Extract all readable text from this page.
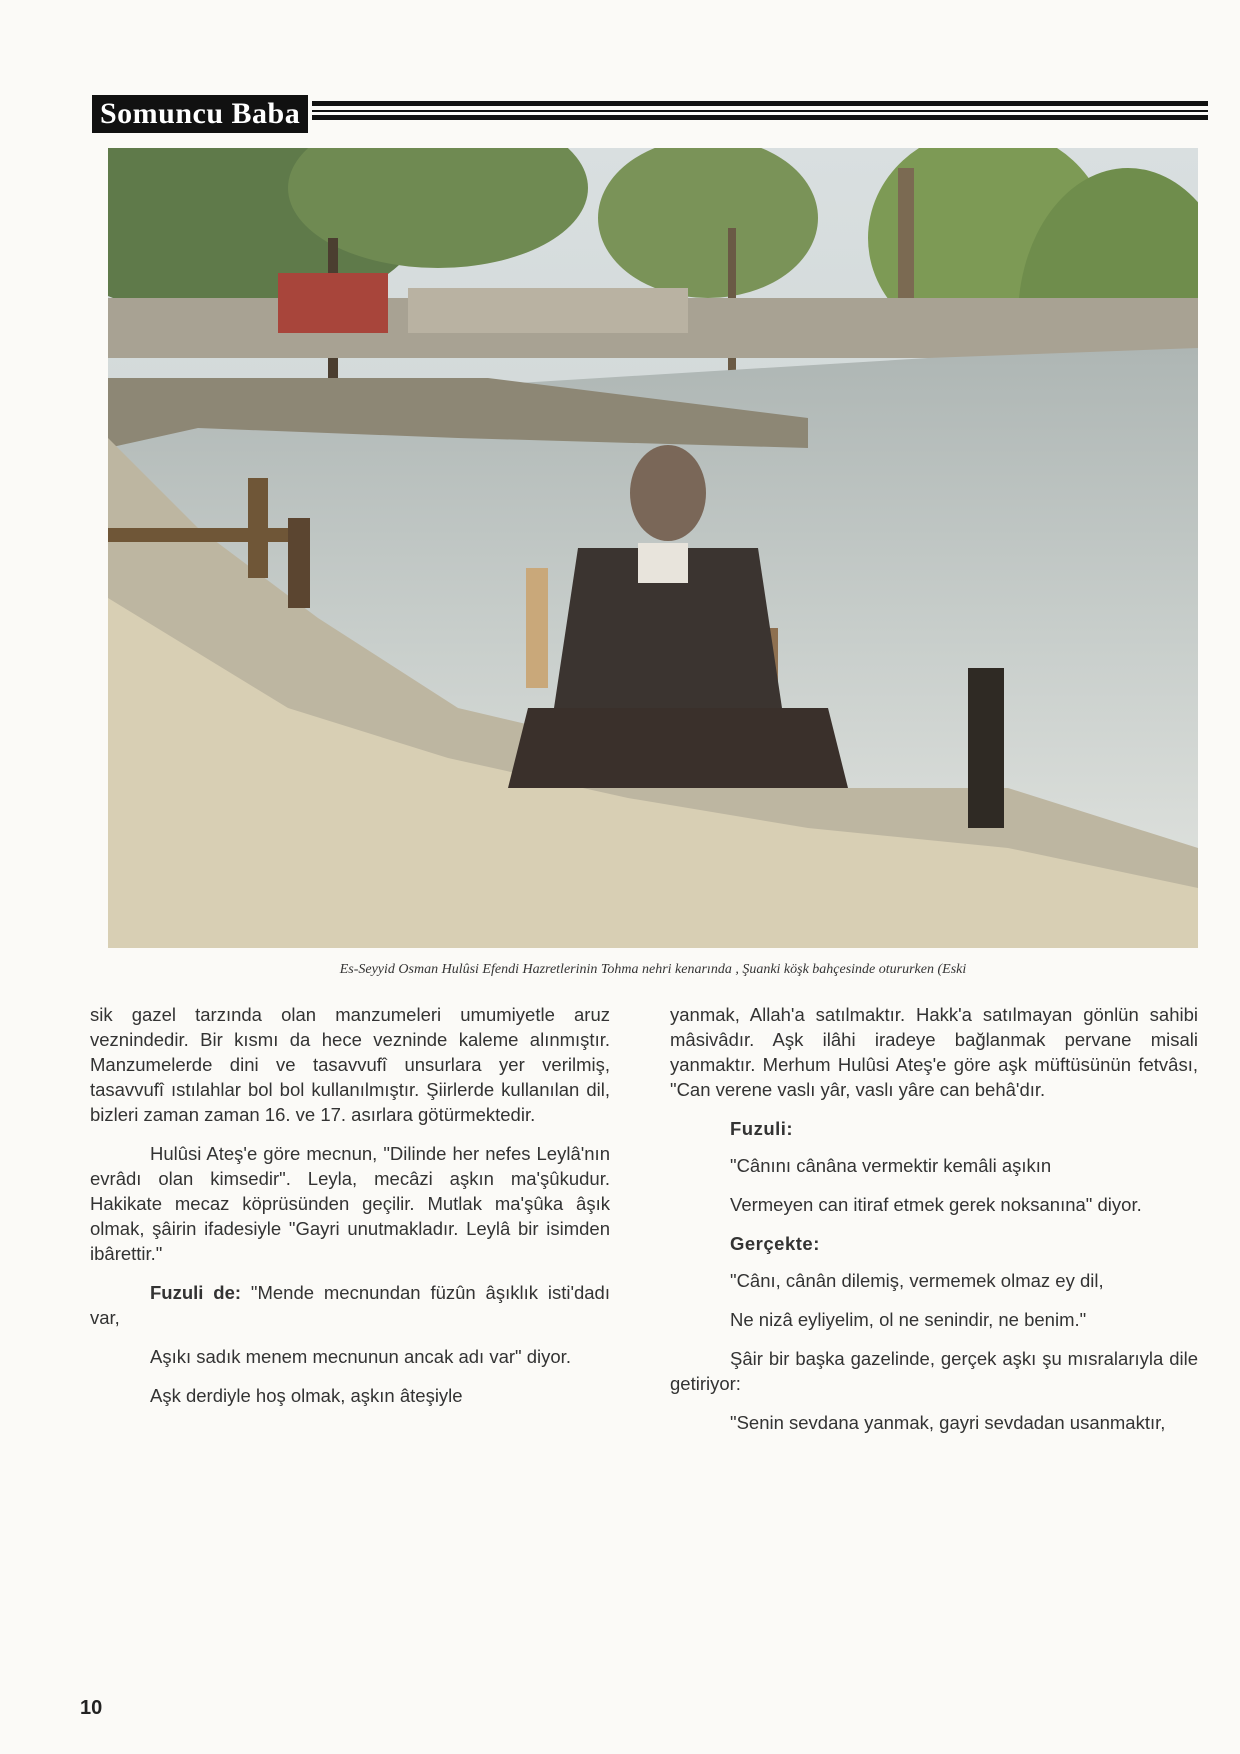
Somuncu Baba
Es-Seyyid Osman Hulûsi Efendi Hazretlerinin Tohma nehri kenarında , Şuanki köşk bahçesinde otururken (Eski

sik gazel tarzında olan manzumeleri umumiyetle aruz veznindedir. Bir kısmı da hece vezninde kaleme alınmıştır. Manzumelerde dini ve tasavvufî unsurlara yer verilmiş, tasavvufî ıstılahlar bol bol kullanılmıştır. Şiirlerde kullanılan dil, bizleri zaman zaman 16. ve 17. asırlara götürmektedir.

Hulûsi Ateş'e göre mecnun, "Dilinde her nefes Leylâ'nın evrâdı olan kimsedir". Leyla, mecâzi aşkın ma'şûkudur. Hakikate mecaz köprüsünden geçilir. Mutlak ma'şûka âşık olmak, şâirin ifadesiyle "Gayri unutmakladır. Leylâ bir isimden ibârettir."

Fuzuli de: "Mende mecnundan füzûn âşıklık isti'dadı var,

Aşıkı sadık menem mecnunun ancak adı var" diyor.

Aşk derdiyle hoş olmak, aşkın âteşiyle

yanmak, Allah'a satılmaktır. Hakk'a satılmayan gönlün sahibi mâsivâdır. Aşk ilâhi iradeye bağlanmak pervane misali yanmaktır. Merhum Hulûsi Ateş'e göre aşk müftüsünün fetvâsı, "Can verene vaslı yâr, vaslı yâre can behâ'dır.

Fuzuli:

"Cânını cânâna vermektir kemâli aşıkın

Vermeyen can itiraf etmek gerek noksanına" diyor.

Gerçekte:

"Cânı, cânân dilemiş, vermemek olmaz ey dil,

Ne nizâ eyliyelim, ol ne senindir, ne benim."

Şâir bir başka gazelinde, gerçek aşkı şu mısralarıyla dile getiriyor:

"Senin sevdana yanmak, gayri sevdadan usanmaktır,

10
